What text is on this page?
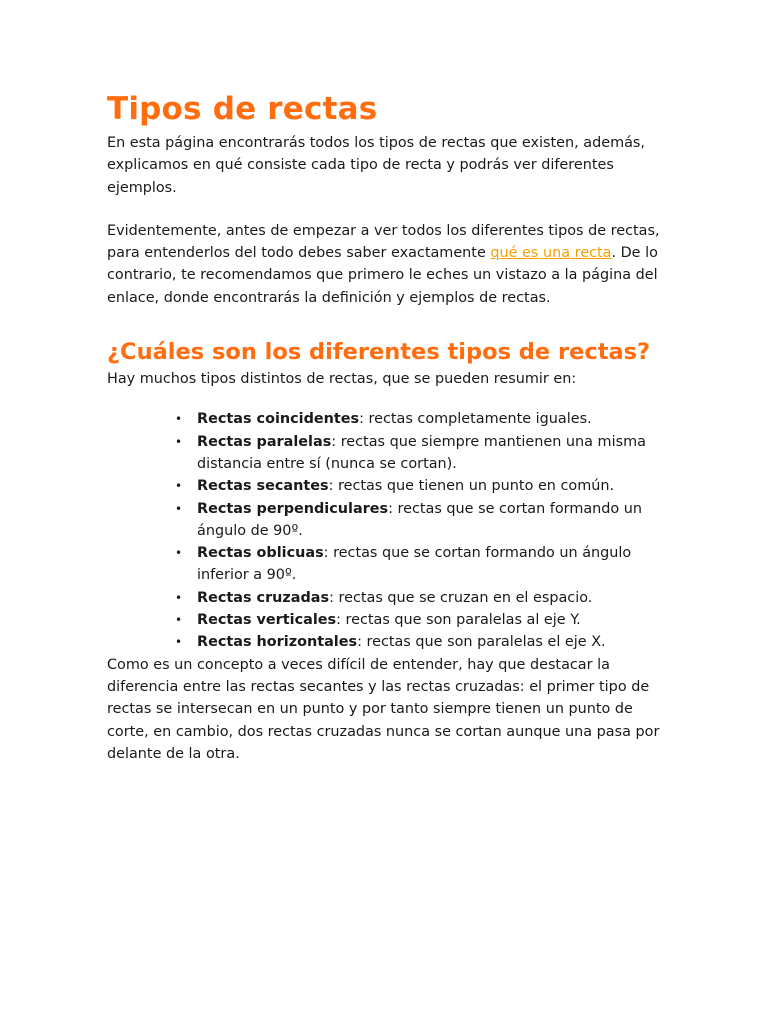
Tipos de rectas

En esta página encontrarás todos los tipos de rectas que existen, además, explicamos en qué consiste cada tipo de recta y podrás ver diferentes ejemplos.

Evidentemente, antes de empezar a ver todos los diferentes tipos de rectas, para entenderlos del todo debes saber exactamente qué es una recta. De lo contrario, te recomendamos que primero le eches un vistazo a la página del enlace, donde encontrarás la definición y ejemplos de rectas.

¿Cuáles son los diferentes tipos de rectas?

Hay muchos tipos distintos de rectas, que se pueden resumir en:

• Rectas coincidentes: rectas completamente iguales.
• Rectas paralelas: rectas que siempre mantienen una misma distancia entre sí (nunca se cortan).
• Rectas secantes: rectas que tienen un punto en común.
• Rectas perpendiculares: rectas que se cortan formando un ángulo de 90º.
• Rectas oblicuas: rectas que se cortan formando un ángulo inferior a 90º.
• Rectas cruzadas: rectas que se cruzan en el espacio.
• Rectas verticales: rectas que son paralelas al eje Y.
• Rectas horizontales: rectas que son paralelas el eje X.

Como es un concepto a veces difícil de entender, hay que destacar la diferencia entre las rectas secantes y las rectas cruzadas: el primer tipo de rectas se intersecan en un punto y por tanto siempre tienen un punto de corte, en cambio, dos rectas cruzadas nunca se cortan aunque una pasa por delante de la otra.
